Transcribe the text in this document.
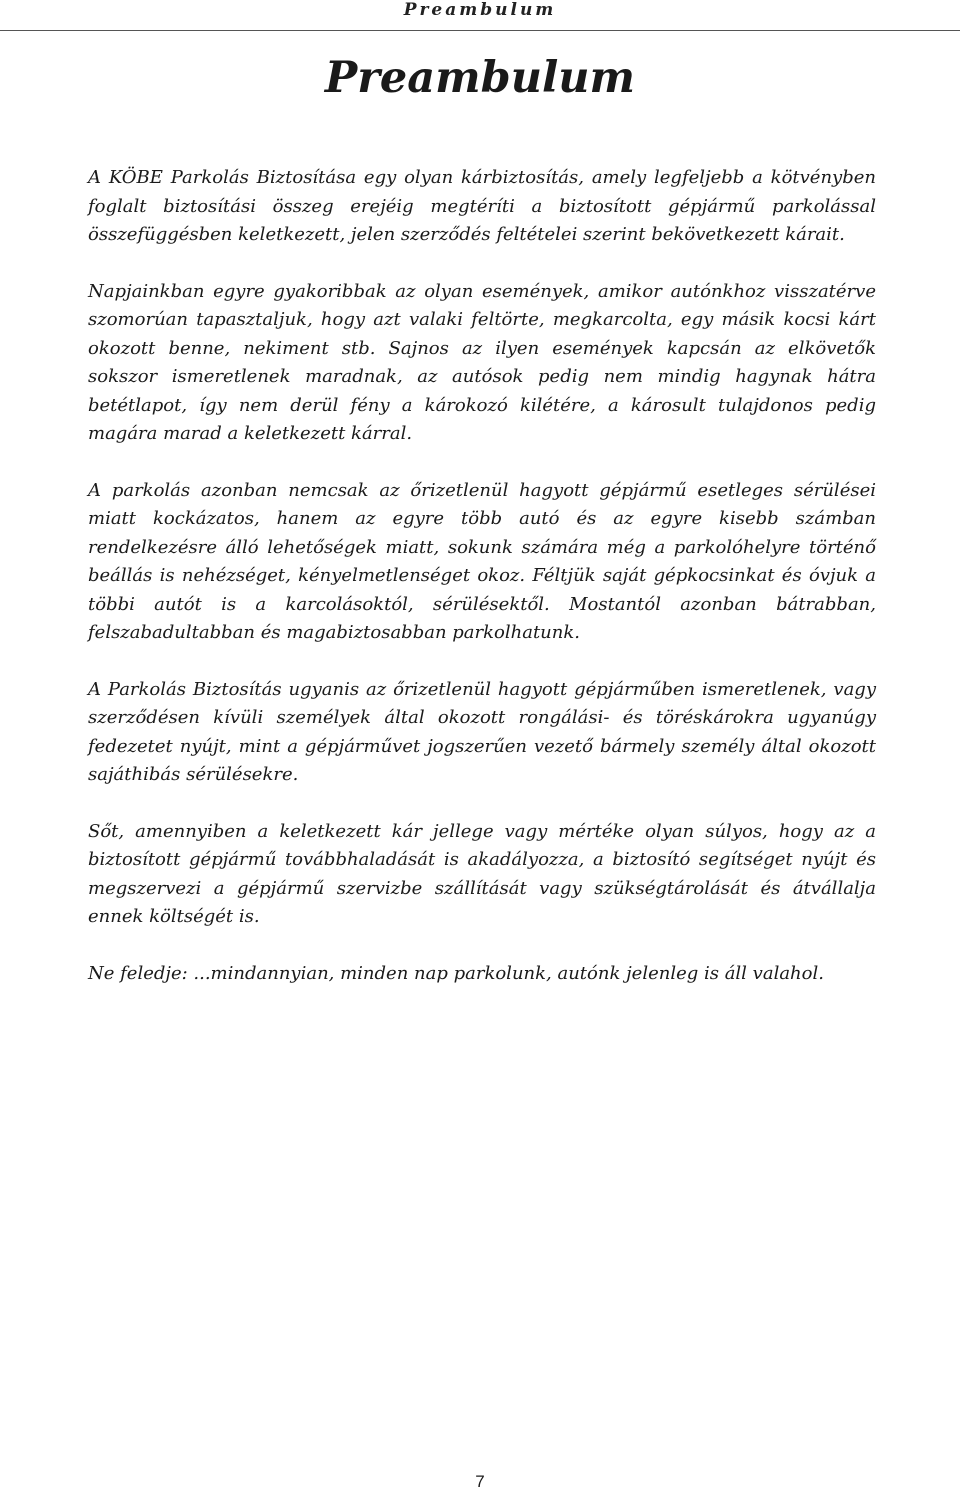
Preambulum
Preambulum

A KÖBE Parkolás Biztosítása egy olyan kárbiztosítás, amely legfeljebb a kötvényben foglalt biztosítási összeg erejéig megtéríti a biztosított gépjármű parkolással összefüggésben keletkezett, jelen szerződés feltételei szerint bekövetkezett kárait.

Napjainkban egyre gyakoribbak az olyan események, amikor autónkhoz visszatérve szomorúan tapasztaljuk, hogy azt valaki feltörte, megkarcolta, egy másik kocsi kárt okozott benne, nekiment stb. Sajnos az ilyen események kapcsán az elkövetők sokszor ismeretlenek maradnak, az autósok pedig nem mindig hagynak hátra betétlapot, így nem derül fény a károkozó kilétére, a károsult tulajdonos pedig magára marad a keletkezett kárral.

A parkolás azonban nemcsak az őrizetlenül hagyott gépjármű esetleges sérülései miatt kockázatos, hanem az egyre több autó és az egyre kisebb számban rendelkezésre álló lehetőségek miatt, sokunk számára még a parkolóhelyre történő beállás is nehézséget, kényelmetlenséget okoz. Féltjük saját gépkocsinkat és óvjuk a többi autót is a karcolásoktól, sérülésektől. Mostantól azonban bátrabban, felszabadultabban és magabiztosabban parkolhatunk.

A Parkolás Biztosítás ugyanis az őrizetlenül hagyott gépjárműben ismeretlenek, vagy szerződésen kívüli személyek által okozott rongálási- és töréskárokra ugyanúgy fedezetet nyújt, mint a gépjárművet jogszerűen vezető bármely személy által okozott sajáthibás sérülésekre.

Sőt, amennyiben a keletkezett kár jellege vagy mértéke olyan súlyos, hogy az a biztosított gépjármű továbbhaladását is akadályozza, a biztosító segítséget nyújt és megszervezi a gépjármű szervizbe szállítását vagy szükségtárolását és átvállalja ennek költségét is.

Ne feledje: ...mindannyian, minden nap parkolunk, autónk jelenleg is áll valahol.

7
